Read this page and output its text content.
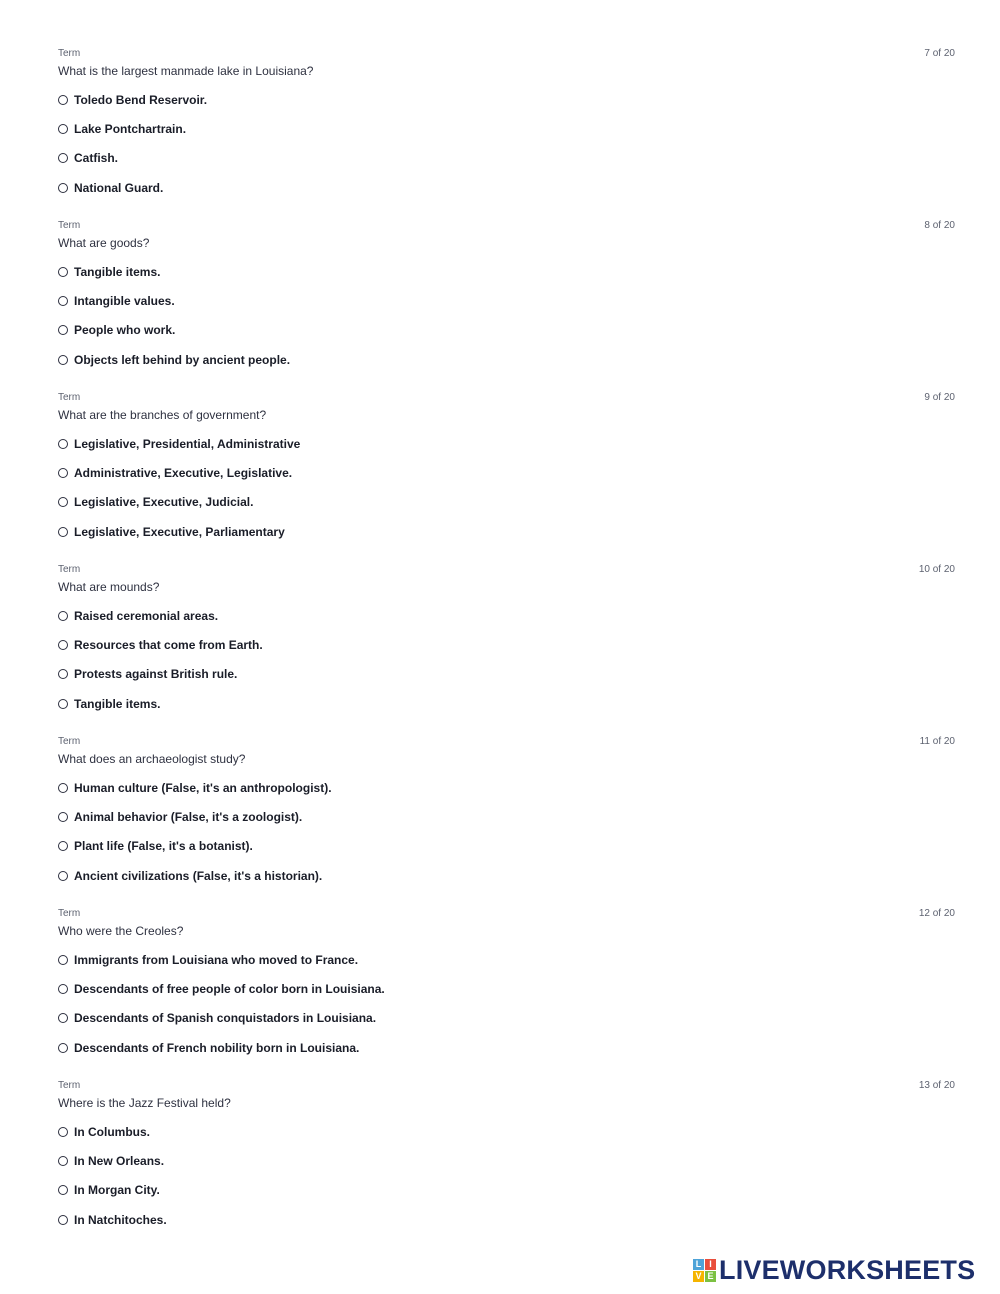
Term	7 of 20
What is the largest manmade lake in Louisiana?
Toledo Bend Reservoir.
Lake Pontchartrain.
Catfish.
National Guard.
Term	8 of 20
What are goods?
Tangible items.
Intangible values.
People who work.
Objects left behind by ancient people.
Term	9 of 20
What are the branches of government?
Legislative, Presidential, Administrative
Administrative, Executive, Legislative.
Legislative, Executive, Judicial.
Legislative, Executive, Parliamentary
Term	10 of 20
What are mounds?
Raised ceremonial areas.
Resources that come from Earth.
Protests against British rule.
Tangible items.
Term	11 of 20
What does an archaeologist study?
Human culture (False, it's an anthropologist).
Animal behavior (False, it's a zoologist).
Plant life (False, it's a botanist).
Ancient civilizations (False, it's a historian).
Term	12 of 20
Who were the Creoles?
Immigrants from Louisiana who moved to France.
Descendants of free people of color born in Louisiana.
Descendants of Spanish conquistadors in Louisiana.
Descendants of French nobility born in Louisiana.
Term	13 of 20
Where is the Jazz Festival held?
In Columbus.
In New Orleans.
In Morgan City.
In Natchitoches.
L I
V E LIVEWORKSHEETS
